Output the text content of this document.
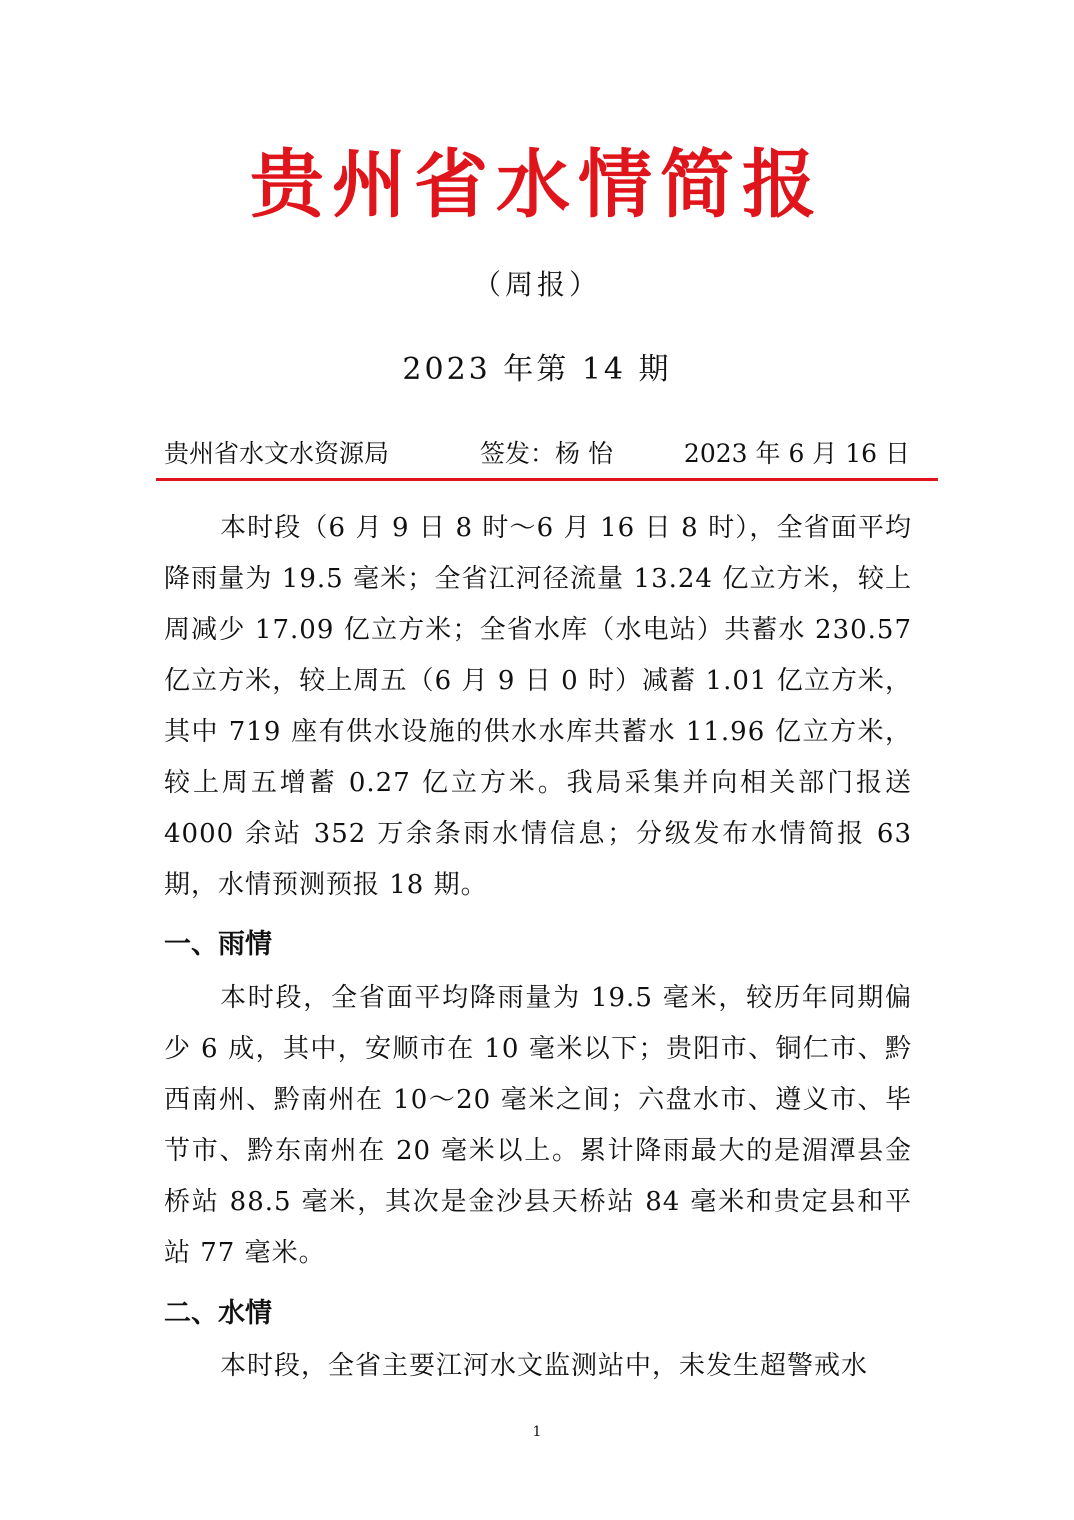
贵州省水情简报
（周报）
2023 年第 14 期
贵州省水文水资源局	签发：杨 怡	2023 年 6 月 16 日

本时段（6 月 9 日 8 时～6 月 16 日 8 时），全省面平均降雨量为 19.5 毫米；全省江河径流量 13.24 亿立方米，较上周减少 17.09 亿立方米；全省水库（水电站）共蓄水 230.57 亿立方米，较上周五（6 月 9 日 0 时）减蓄 1.01 亿立方米，其中 719 座有供水设施的供水水库共蓄水 11.96 亿立方米，较上周五增蓄 0.27 亿立方米。我局采集并向相关部门报送 4000 余站 352 万余条雨水情信息；分级发布水情简报 63 期，水情预测预报 18 期。

一、雨情

本时段，全省面平均降雨量为 19.5 毫米，较历年同期偏少 6 成，其中，安顺市在 10 毫米以下；贵阳市、铜仁市、黔西南州、黔南州在 10～20 毫米之间；六盘水市、遵义市、毕节市、黔东南州在 20 毫米以上。累计降雨最大的是湄潭县金桥站 88.5 毫米，其次是金沙县天桥站 84 毫米和贵定县和平站 77 毫米。

二、水情

本时段，全省主要江河水文监测站中，未发生超警戒水

1
